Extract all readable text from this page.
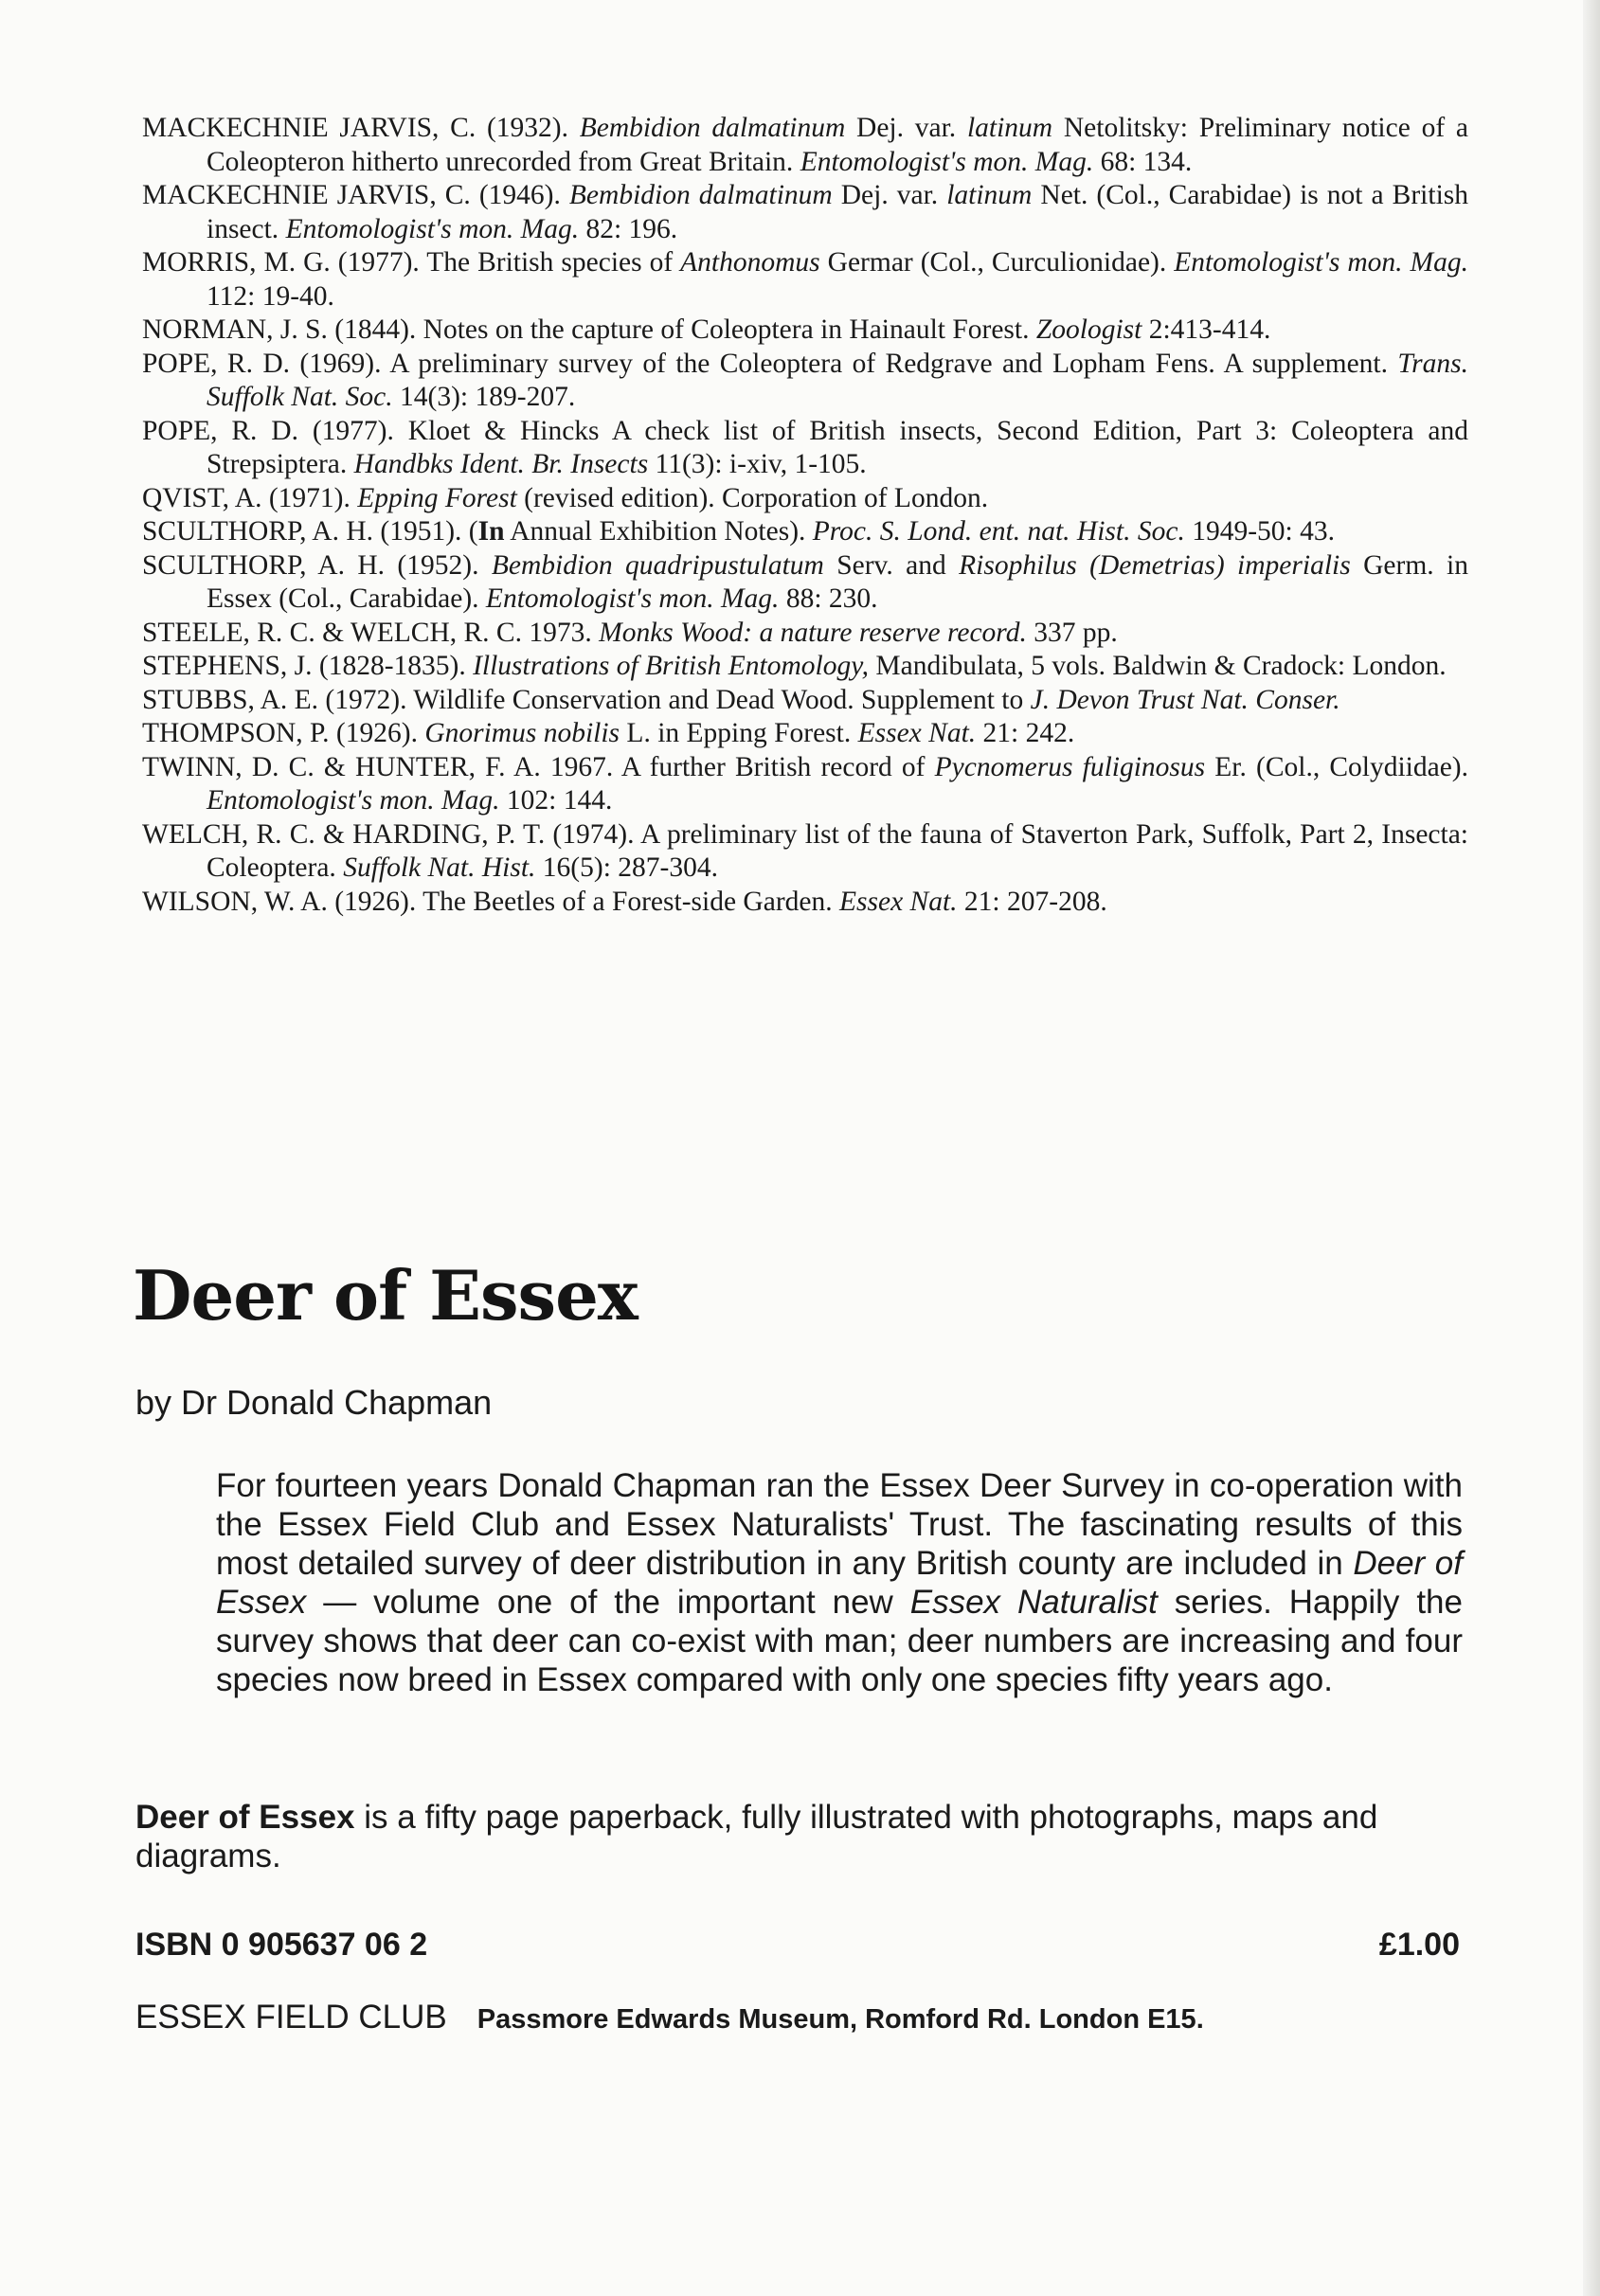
MACKECHNIE JARVIS, C. (1932). Bembidion dalmatinum Dej. var. latinum Netolitsky: Preliminary notice of a Coleopteron hitherto unrecorded from Great Britain. Entomologist's mon. Mag. 68: 134.

MACKECHNIE JARVIS, C. (1946). Bembidion dalmatinum Dej. var. latinum Net. (Col., Carabidae) is not a British insect. Entomologist's mon. Mag. 82: 196.

MORRIS, M. G. (1977). The British species of Anthonomus Germar (Col., Curculionidae). Entomologist's mon. Mag. 112: 19-40.

NORMAN, J. S. (1844). Notes on the capture of Coleoptera in Hainault Forest. Zoologist 2:413-414.

POPE, R. D. (1969). A preliminary survey of the Coleoptera of Redgrave and Lopham Fens. A supplement. Trans. Suffolk Nat. Soc. 14(3): 189-207.

POPE, R. D. (1977). Kloet & Hincks A check list of British insects, Second Edition, Part 3: Coleoptera and Strepsiptera. Handbks Ident. Br. Insects 11(3): i-xiv, 1-105.

QVIST, A. (1971). Epping Forest (revised edition). Corporation of London.

SCULTHORP, A. H. (1951). (In Annual Exhibition Notes). Proc. S. Lond. ent. nat. Hist. Soc. 1949-50: 43.

SCULTHORP, A. H. (1952). Bembidion quadripustulatum Serv. and Risophilus (Demetrias) imperialis Germ. in Essex (Col., Carabidae). Entomologist's mon. Mag. 88: 230.

STEELE, R. C. & WELCH, R. C. 1973. Monks Wood: a nature reserve record. 337 pp.

STEPHENS, J. (1828-1835). Illustrations of British Entomology, Mandibulata, 5 vols. Baldwin & Cradock: London.

STUBBS, A. E. (1972). Wildlife Conservation and Dead Wood. Supplement to J. Devon Trust Nat. Conser.

THOMPSON, P. (1926). Gnorimus nobilis L. in Epping Forest. Essex Nat. 21: 242.

TWINN, D. C. & HUNTER, F. A. 1967. A further British record of Pycnomerus fuliginosus Er. (Col., Colydiidae). Entomologist's mon. Mag. 102: 144.

WELCH, R. C. & HARDING, P. T. (1974). A preliminary list of the fauna of Staverton Park, Suffolk, Part 2, Insecta: Coleoptera. Suffolk Nat. Hist. 16(5): 287-304.

WILSON, W. A. (1926). The Beetles of a Forest-side Garden. Essex Nat. 21: 207-208.

Deer of Essex

by Dr Donald Chapman

For fourteen years Donald Chapman ran the Essex Deer Survey in co-operation with the Essex Field Club and Essex Naturalists' Trust. The fascinating results of this most detailed survey of deer distribution in any British county are included in Deer of Essex — volume one of the important new Essex Naturalist series. Happily the survey shows that deer can co-exist with man; deer numbers are increasing and four species now breed in Essex compared with only one species fifty years ago.

Deer of Essex is a fifty page paperback, fully illustrated with photographs, maps and diagrams.

ISBN 0 905637 06 2	£1.00

ESSEX FIELD CLUB Passmore Edwards Museum, Romford Rd. London E15.
